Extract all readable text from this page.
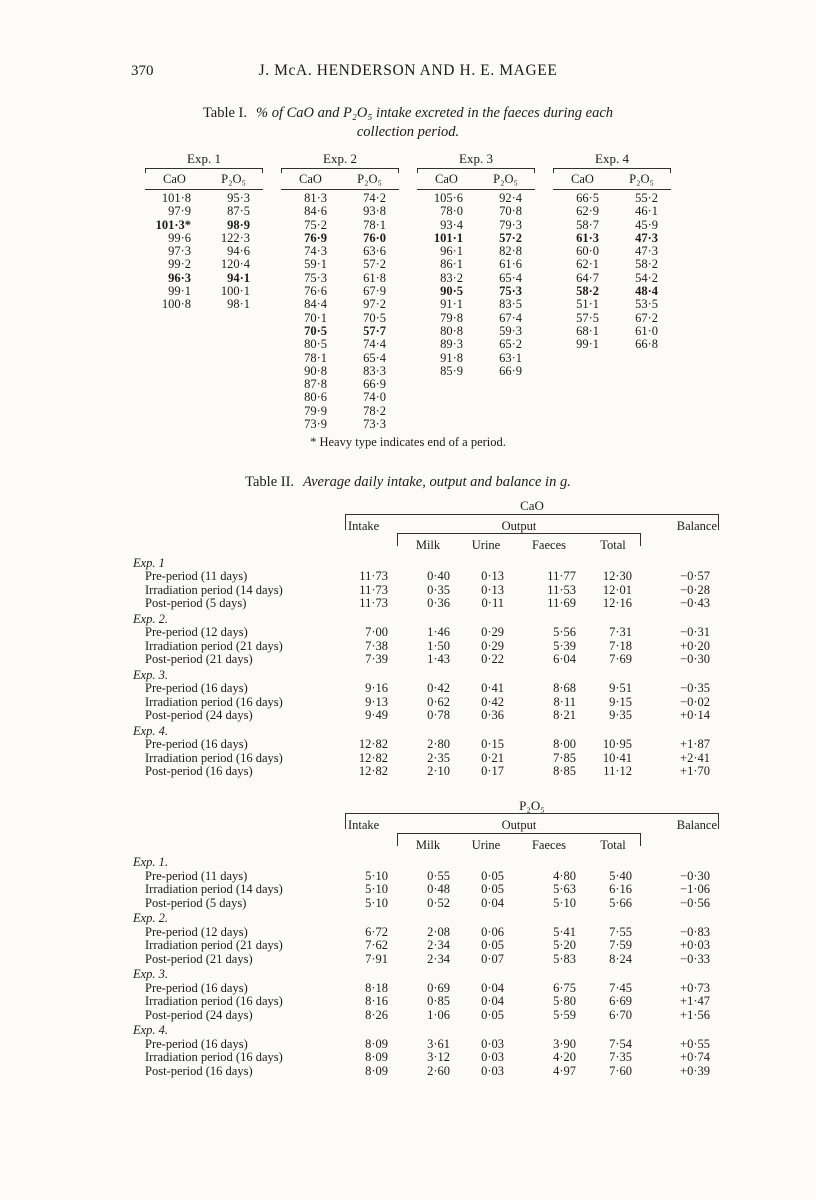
370	J. McA. HENDERSON AND H. E. MAGEE
Table I. % of CaO and P₂O₅ intake excreted in the faeces during each
collection period.
Exp. 1
CaO	P₂O₅
101·8	95·3
97·9	87·5
101·3*	98·9
99·6	122·3
97·3	94·6
99·2	120·4
96·3	94·1
99·1	100·1
100·8	98·1
Exp. 2
CaO	P₂O₅
81·3	74·2
84·6	93·8
75·2	78·1
76·9	76·0
74·3	63·6
59·1	57·2
75·3	61·8
76·6	67·9
84·4	97·2
70·1	70·5
70·5	57·7
80·5	74·4
78·1	65·4
90·8	83·3
87·8	66·9
80·6	74·0
79·9	78·2
73·9	73·3
Exp. 3
CaO	P₂O₅
105·6	92·4
78·0	70·8
93·4	79·3
101·1	57·2
96·1	82·8
86·1	61·6
83·2	65·4
90·5	75·3
91·1	83·5
79·8	67·4
80·8	59·3
89·3	65·2
91·8	63·1
85·9	66·9
Exp. 4
CaO	P₂O₅
66·5	55·2
62·9	46·1
58·7	45·9
61·3	47·3
60·0	47·3
62·1	58·2
64·7	54·2
58·2	48·4
51·1	53·5
57·5	67·2
68·1	61·0
99·1	66·8
* Heavy type indicates end of a period.
Table II. Average daily intake, output and balance in g.
	CaO					

	Intake	Output				Balance

		Milk	Urine	Faeces	Total	
Exp. 1						
Pre-period (11 days)	11·73	0·40	0·13	11·77	12·30	−0·57
Irradiation period (14 days)	11·73	0·35	0·13	11·53	12·01	−0·28
Post-period (5 days)	11·73	0·36	0·11	11·69	12·16	−0·43
Exp. 2.						
Pre-period (12 days)	7·00	1·46	0·29	5·56	7·31	−0·31
Irradiation period (21 days)	7·38	1·50	0·29	5·39	7·18	+0·20
Post-period (21 days)	7·39	1·43	0·22	6·04	7·69	−0·30
Exp. 3.						
Pre-period (16 days)	9·16	0·42	0·41	8·68	9·51	−0·35
Irradiation period (16 days)	9·13	0·62	0·42	8·11	9·15	−0·02
Post-period (24 days)	9·49	0·78	0·36	8·21	9·35	+0·14
Exp. 4.						
Pre-period (16 days)	12·82	2·80	0·15	8·00	10·95	+1·87
Irradiation period (16 days)	12·82	2·35	0·21	7·85	10·41	+2·41
Post-period (16 days)	12·82	2·10	0·17	8·85	11·12	+1·70
	P₂O₅					

	Intake	Output				Balance

		Milk	Urine	Faeces	Total	
Exp. 1.						
Pre-period (11 days)	5·10	0·55	0·05	4·80	5·40	−0·30
Irradiation period (14 days)	5·10	0·48	0·05	5·63	6·16	−1·06
Post-period (5 days)	5·10	0·52	0·04	5·10	5·66	−0·56
Exp. 2.						
Pre-period (12 days)	6·72	2·08	0·06	5·41	7·55	−0·83
Irradiation period (21 days)	7·62	2·34	0·05	5·20	7·59	+0·03
Post-period (21 days)	7·91	2·34	0·07	5·83	8·24	−0·33
Exp. 3.						
Pre-period (16 days)	8·18	0·69	0·04	6·75	7·45	+0·73
Irradiation period (16 days)	8·16	0·85	0·04	5·80	6·69	+1·47
Post-period (24 days)	8·26	1·06	0·05	5·59	6·70	+1·56
Exp. 4.						
Pre-period (16 days)	8·09	3·61	0·03	3·90	7·54	+0·55
Irradiation period (16 days)	8·09	3·12	0·03	4·20	7·35	+0·74
Post-period (16 days)	8·09	2·60	0·03	4·97	7·60	+0·39
